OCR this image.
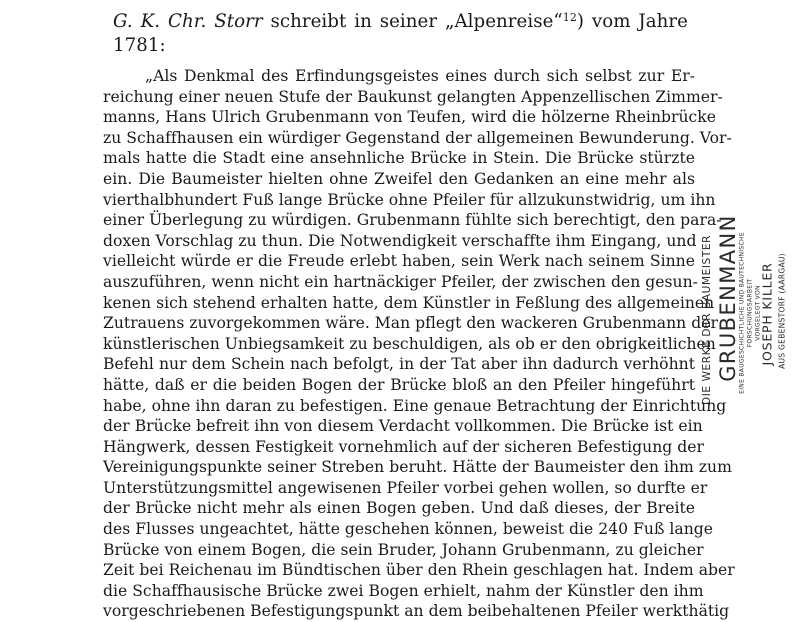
G. K. Chr. Storr schreibt in seiner „Alpenreise“$^{12}$) vom Jahre 1781:
„Als Denkmal des Erfindungsgeistes eines durch sich selbst zur Er-
reichung einer neuen Stufe der Baukunst gelangten Appenzellischen Zimmer-
manns, Hans Ulrich Grubenmann von Teufen, wird die hölzerne Rheinbrücke
zu Schaffhausen ein würdiger Gegenstand der allgemeinen Bewunderung. Vor-
mals hatte die Stadt eine ansehnliche Brücke in Stein. Die Brücke stürzte
ein. Die Baumeister hielten ohne Zweifel den Gedanken an eine mehr als
vierthalbhundert Fuß lange Brücke ohne Pfeiler für allzukunstwidrig, um ihn
einer Überlegung zu würdigen. Grubenmann fühlte sich berechtigt, den para-
doxen Vorschlag zu thun. Die Notwendigkeit verschaffte ihm Eingang, und
vielleicht würde er die Freude erlebt haben, sein Werk nach seinem Sinne
auszuführen, wenn nicht ein hartnäckiger Pfeiler, der zwischen den gesun-
kenen sich stehend erhalten hatte, dem Künstler in Feßlung des allgemeinen
Zutrauens zuvorgekommen wäre. Man pflegt den wackeren Grubenmann der
künstlerischen Unbiegsamkeit zu beschuldigen, als ob er den obrigkeitlichen
Befehl nur dem Schein nach befolgt, in der Tat aber ihn dadurch verhöhnt
hätte, daß er die beiden Bogen der Brücke bloß an den Pfeiler hingeführt
habe, ohne ihn daran zu befestigen. Eine genaue Betrachtung der Einrichtung
der Brücke befreit ihn von diesem Verdacht vollkommen. Die Brücke ist ein
Hängwerk, dessen Festigkeit vornehmlich auf der sicheren Befestigung der
Vereinigungspunkte seiner Streben beruht. Hätte der Baumeister den ihm zum
Unterstützungsmittel angewisenen Pfeiler vorbei gehen wollen, so durfte er
der Brücke nicht mehr als einen Bogen geben. Und daß dieses, der Breite
des Flusses ungeachtet, hätte geschehen können, beweist die 240 Fuß lange
Brücke von einem Bogen, die sein Bruder, Johann Grubenmann, zu gleicher
Zeit bei Reichenau im Bündtischen über den Rhein geschlagen hat. Indem aber
die Schaffhausische Brücke zwei Bogen erhielt, nahm der Künstler den ihm
vorgeschriebenen Befestigungspunkt an dem beibehaltenen Pfeiler werkthätig
DIE WERKE DER BAUMEISTER GRUBENMANN
EINE BAUGESCHICHTLICHE UND BAUTECHNISCHE FORSCHUNGSARBEIT VORGELEGT VON
JOSEPH KILLER AUS GEBENSTORF (AARGAU)
